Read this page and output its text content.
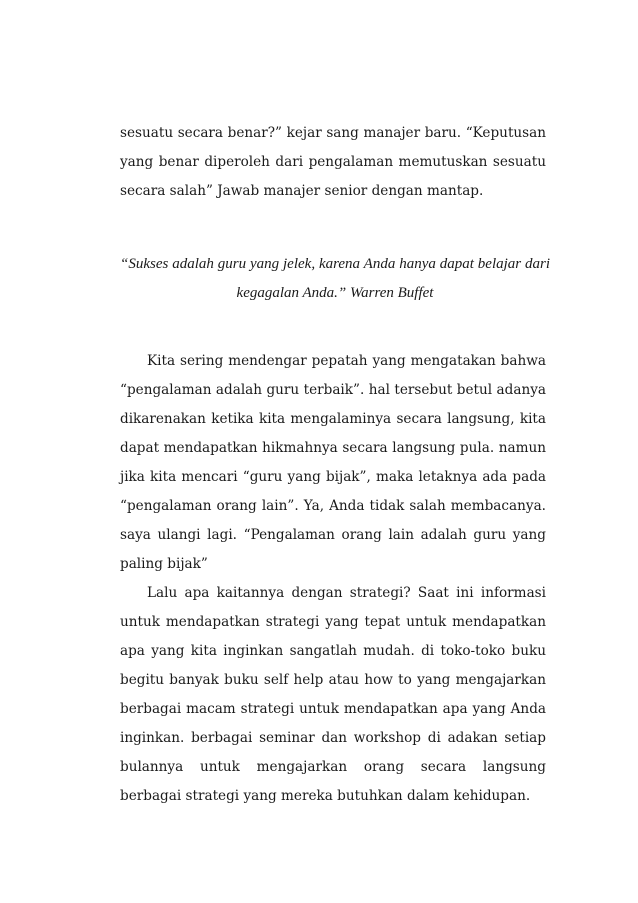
sesuatu secara benar?” kejar sang manajer baru. “Keputusan yang benar diperoleh dari pengalaman memutuskan sesuatu secara salah” Jawab manajer senior dengan mantap.

“Sukses adalah guru yang jelek, karena Anda hanya dapat belajar dari
kegagalan Anda.” Warren Buffet

Kita sering mendengar pepatah yang mengatakan bahwa “pengalaman adalah guru terbaik”. hal tersebut betul adanya dikarenakan ketika kita mengalaminya secara langsung, kita dapat mendapatkan hikmahnya secara langsung pula. namun jika kita mencari “guru yang bijak”, maka letaknya ada pada “pengalaman orang lain”. Ya, Anda tidak salah membacanya. saya ulangi lagi. “Pengalaman orang lain adalah guru yang paling bijak”

Lalu apa kaitannya dengan strategi? Saat ini informasi untuk mendapatkan strategi yang tepat untuk mendapatkan apa yang kita inginkan sangatlah mudah. di toko-toko buku begitu banyak buku self help atau how to yang mengajarkan berbagai macam strategi untuk mendapatkan apa yang Anda inginkan. berbagai seminar dan workshop di adakan setiap bulannya untuk mengajarkan orang secara langsung berbagai strategi yang mereka butuhkan dalam kehidupan.
